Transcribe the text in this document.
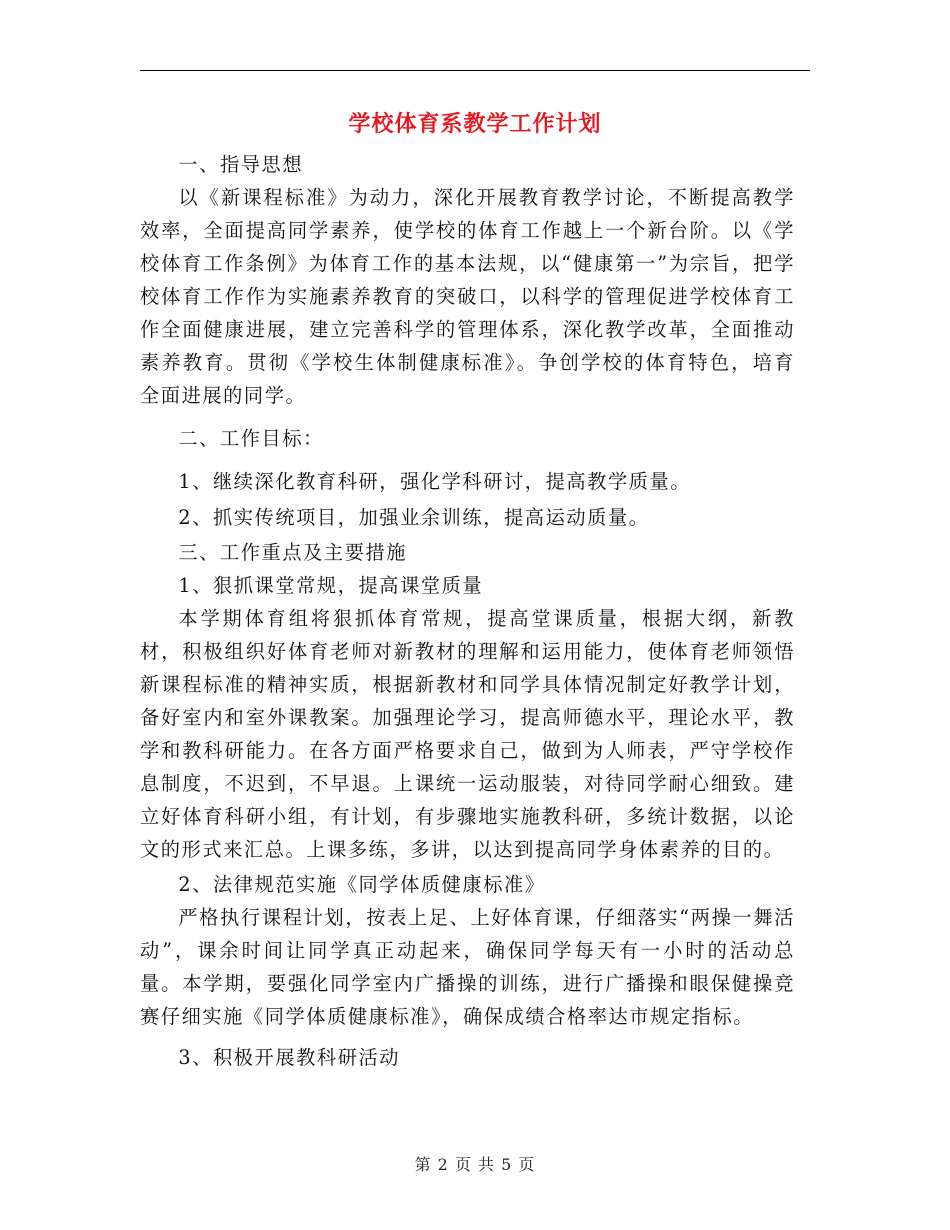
学校体育系教学工作计划

一、指导思想

以《新课程标准》为动力，深化开展教育教学讨论，不断提高教学效率，全面提高同学素养，使学校的体育工作越上一个新台阶。以《学校体育工作条例》为体育工作的基本法规，以“健康第一”为宗旨，把学校体育工作作为实施素养教育的突破口，以科学的管理促进学校体育工作全面健康进展，建立完善科学的管理体系，深化教学改革，全面推动素养教育。贯彻《学校生体制健康标准》。争创学校的体育特色，培育全面进展的同学。

二、工作目标：

1、继续深化教育科研，强化学科研讨，提高教学质量。

2、抓实传统项目，加强业余训练，提高运动质量。

三、工作重点及主要措施

1、狠抓课堂常规，提高课堂质量

本学期体育组将狠抓体育常规，提高堂课质量，根据大纲，新教材，积极组织好体育老师对新教材的理解和运用能力，使体育老师领悟新课程标准的精神实质，根据新教材和同学具体情况制定好教学计划，备好室内和室外课教案。加强理论学习，提高师德水平，理论水平，教学和教科研能力。在各方面严格要求自己，做到为人师表，严守学校作息制度，不迟到，不早退。上课统一运动服装，对待同学耐心细致。建立好体育科研小组，有计划，有步骤地实施教科研，多统计数据，以论文的形式来汇总。上课多练，多讲，以达到提高同学身体素养的目的。

2、法律规范实施《同学体质健康标准》

严格执行课程计划，按表上足、上好体育课，仔细落实“两操一舞活动”，课余时间让同学真正动起来，确保同学每天有一小时的活动总量。本学期，要强化同学室内广播操的训练，进行广播操和眼保健操竞赛仔细实施《同学体质健康标准》，确保成绩合格率达市规定指标。

3、积极开展教科研活动

第 2 页 共 5 页
